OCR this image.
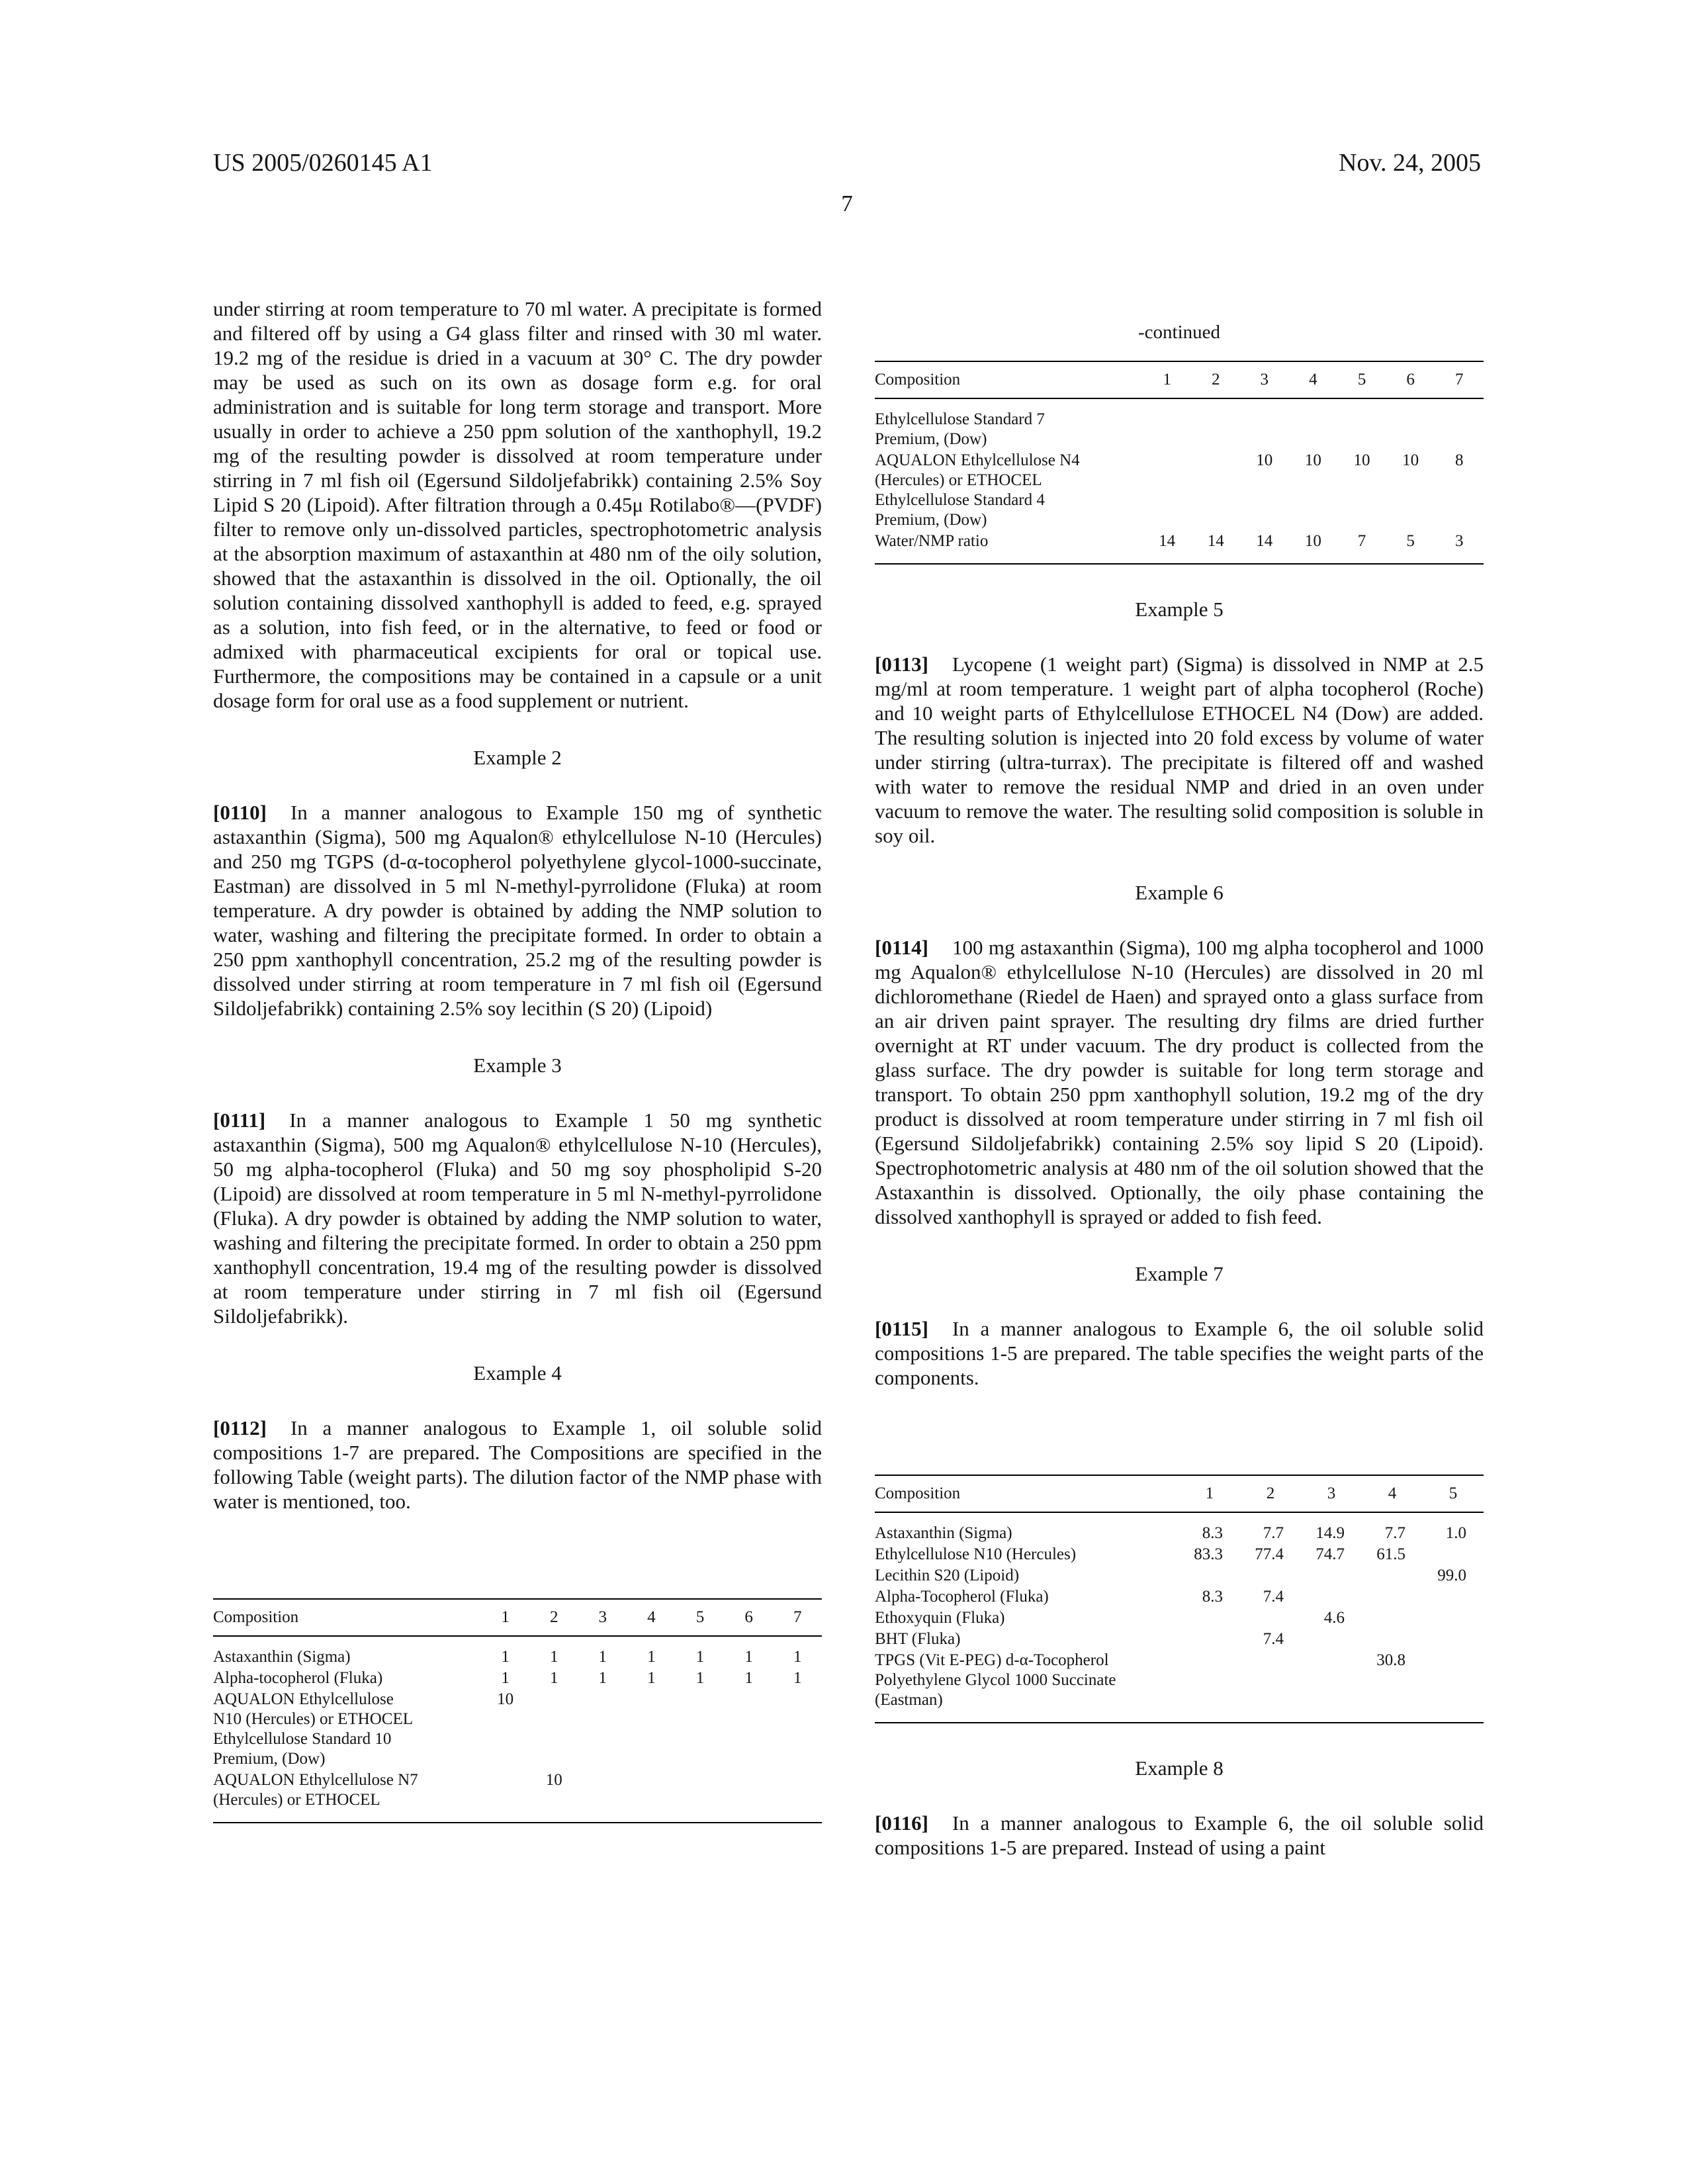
US 2005/0260145 A1	Nov. 24, 2005
7

under stirring at room temperature to 70 ml water. A precipitate is formed and filtered off by using a G4 glass filter and rinsed with 30 ml water. 19.2 mg of the residue is dried in a vacuum at 30° C. The dry powder may be used as such on its own as dosage form e.g. for oral administration and is suitable for long term storage and transport. More usually in order to achieve a 250 ppm solution of the xanthophyll, 19.2 mg of the resulting powder is dissolved at room temperature under stirring in 7 ml fish oil (Egersund Sildoljefabrikk) containing 2.5% Soy Lipid S 20 (Lipoid). After filtration through a 0.45μ Rotilabo®—(PVDF) filter to remove only un-dissolved particles, spectrophotometric analysis at the absorption maximum of astaxanthin at 480 nm of the oily solution, showed that the astaxanthin is dissolved in the oil. Optionally, the oil solution containing dissolved xanthophyll is added to feed, e.g. sprayed as a solution, into fish feed, or in the alternative, to feed or food or admixed with pharmaceutical excipients for oral or topical use. Furthermore, the compositions may be contained in a capsule or a unit dosage form for oral use as a food supplement or nutrient.

Example 2

[0110] In a manner analogous to Example 150 mg of synthetic astaxanthin (Sigma), 500 mg Aqualon® ethylcellulose N-10 (Hercules) and 250 mg TGPS (d-α-tocopherol polyethylene glycol-1000-succinate, Eastman) are dissolved in 5 ml N-methyl-pyrrolidone (Fluka) at room temperature. A dry powder is obtained by adding the NMP solution to water, washing and filtering the precipitate formed. In order to obtain a 250 ppm xanthophyll concentration, 25.2 mg of the resulting powder is dissolved under stirring at room temperature in 7 ml fish oil (Egersund Sildoljefabrikk) containing 2.5% soy lecithin (S 20) (Lipoid)

Example 3

[0111] In a manner analogous to Example 1 50 mg synthetic astaxanthin (Sigma), 500 mg Aqualon® ethylcellulose N-10 (Hercules), 50 mg alpha-tocopherol (Fluka) and 50 mg soy phospholipid S-20 (Lipoid) are dissolved at room temperature in 5 ml N-methyl-pyrrolidone (Fluka). A dry powder is obtained by adding the NMP solution to water, washing and filtering the precipitate formed. In order to obtain a 250 ppm xanthophyll concentration, 19.4 mg of the resulting powder is dissolved at room temperature under stirring in 7 ml fish oil (Egersund Sildoljefabrikk).

Example 4

[0112] In a manner analogous to Example 1, oil soluble solid compositions 1-7 are prepared. The Compositions are specified in the following Table (weight parts). The dilution factor of the NMP phase with water is mentioned, too.

Composition	1	2	3	4	5	6	7
Astaxanthin (Sigma)	1	1	1	1	1	1	1
Alpha-tocopherol (Fluka)	1	1	1	1	1	1	1
AQUALON Ethylcellulose
N10 (Hercules) or ETHOCEL
Ethylcellulose Standard 10
Premium, (Dow)	10						
AQUALON Ethylcellulose N7
(Hercules) or ETHOCEL		10					
-continued
Composition	1	2	3	4	5	6	7
Ethylcellulose Standard 7
Premium, (Dow)							
AQUALON Ethylcellulose N4
(Hercules) or ETHOCEL
Ethylcellulose Standard 4
Premium, (Dow)			10	10	10	10	8
Water/NMP ratio	14	14	14	10	7	5	3
Example 5

[0113] Lycopene (1 weight part) (Sigma) is dissolved in NMP at 2.5 mg/ml at room temperature. 1 weight part of alpha tocopherol (Roche) and 10 weight parts of Ethylcellulose ETHOCEL N4 (Dow) are added. The resulting solution is injected into 20 fold excess by volume of water under stirring (ultra-turrax). The precipitate is filtered off and washed with water to remove the residual NMP and dried in an oven under vacuum to remove the water. The resulting solid composition is soluble in soy oil.

Example 6

[0114] 100 mg astaxanthin (Sigma), 100 mg alpha tocopherol and 1000 mg Aqualon® ethylcellulose N-10 (Hercules) are dissolved in 20 ml dichloromethane (Riedel de Haen) and sprayed onto a glass surface from an air driven paint sprayer. The resulting dry films are dried further overnight at RT under vacuum. The dry product is collected from the glass surface. The dry powder is suitable for long term storage and transport. To obtain 250 ppm xanthophyll solution, 19.2 mg of the dry product is dissolved at room temperature under stirring in 7 ml fish oil (Egersund Sildoljefabrikk) containing 2.5% soy lipid S 20 (Lipoid). Spectrophotometric analysis at 480 nm of the oil solution showed that the Astaxanthin is dissolved. Optionally, the oily phase containing the dissolved xanthophyll is sprayed or added to fish feed.

Example 7

[0115] In a manner analogous to Example 6, the oil soluble solid compositions 1-5 are prepared. The table specifies the weight parts of the components.

Composition	1	2	3	4	5
Astaxanthin (Sigma)	8.3	7.7	14.9	7.7	1.0
Ethylcellulose N10 (Hercules)	83.3	77.4	74.7	61.5	
Lecithin S20 (Lipoid)					99.0
Alpha-Tocopherol (Fluka)	8.3	7.4			
Ethoxyquin (Fluka)			4.6		
BHT (Fluka)		7.4			
TPGS (Vit E-PEG) d-α-Tocopherol
Polyethylene Glycol 1000 Succinate
(Eastman)				30.8	
Example 8

[0116] In a manner analogous to Example 6, the oil soluble solid compositions 1-5 are prepared. Instead of using a paint
